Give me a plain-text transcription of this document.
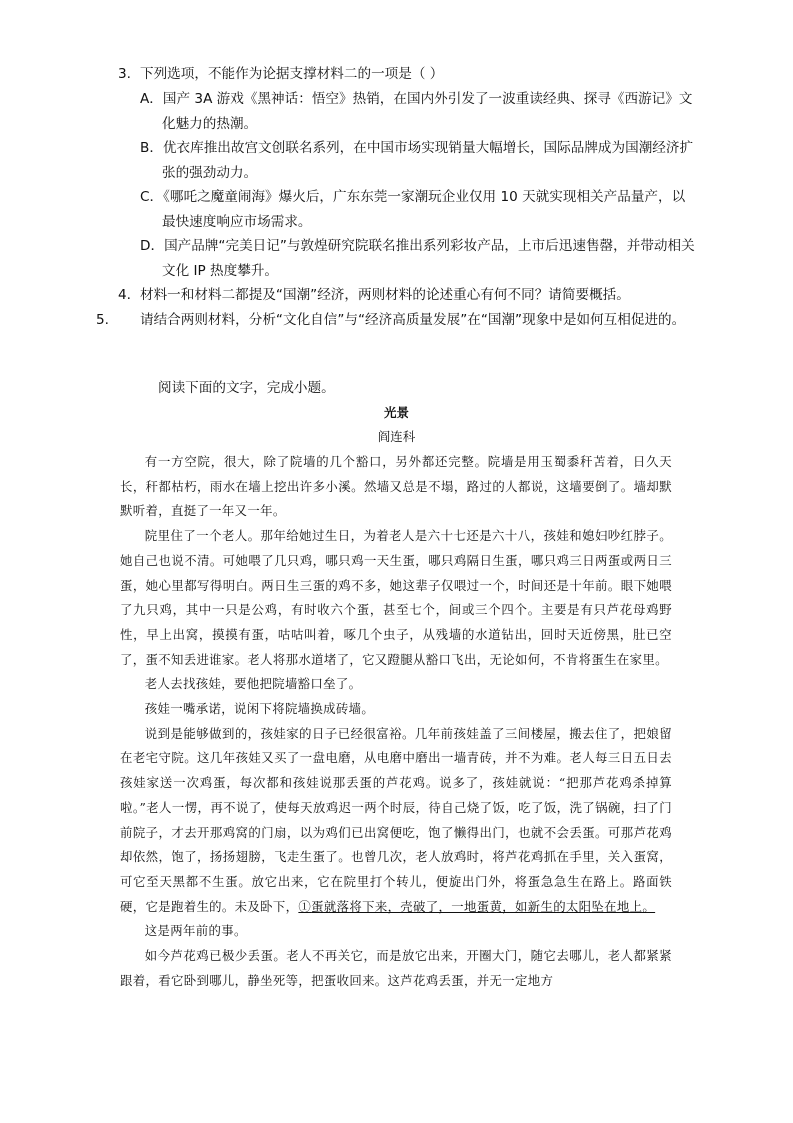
3. 下列选项，不能作为论据支撑材料二的一项是（ ）
A．国产 3A 游戏《黑神话：悟空》热销，在国内外引发了一波重读经典、探寻《西游记》文化魅力的热潮。
B．优衣库推出故宫文创联名系列，在中国市场实现销量大幅增长，国际品牌成为国潮经济扩张的强劲动力。
C．《哪吒之魔童闹海》爆火后，广东东莞一家潮玩企业仅用 10 天就实现相关产品量产，以最快速度响应市场需求。
D．国产品牌“完美日记”与敦煌研究院联名推出系列彩妆产品，上市后迅速售罄，并带动相关文化 IP 热度攀升。
4. 材料一和材料二都提及“国潮”经济，两则材料的论述重心有何不同？请简要概括。
5. 请结合两则材料，分析“文化自信”与“经济高质量发展”在“国潮”现象中是如何互相促进的。
阅读下面的文字，完成小题。
光景
阎连科

有一方空院，很大，除了院墙的几个豁口，另外都还完整。院墙是用玉蜀黍秆苫着，日久天长，秆都枯朽，雨水在墙上挖出许多小溪。然墙又总是不塌，路过的人都说，这墙要倒了。墙却默默听着，直挺了一年又一年。

院里住了一个老人。那年给她过生日，为着老人是六十七还是六十八，孩娃和媳妇吵红脖子。她自己也说不清。可她喂了几只鸡，哪只鸡一天生蛋，哪只鸡隔日生蛋，哪只鸡三日两蛋或两日三蛋，她心里都写得明白。两日生三蛋的鸡不多，她这辈子仅喂过一个，时间还是十年前。眼下她喂了九只鸡，其中一只是公鸡，有时收六个蛋，甚至七个，间或三个四个。主要是有只芦花母鸡野性，早上出窝，摸摸有蛋，咕咕叫着，啄几个虫子，从残墙的水道钻出，回时天近傍黑，肚已空了，蛋不知丢进谁家。老人将那水道堵了，它又蹬腿从豁口飞出，无论如何，不肯将蛋生在家里。

老人去找孩娃，要他把院墙豁口垒了。

孩娃一嘴承诺，说闲下将院墙换成砖墙。

说到是能够做到的，孩娃家的日子已经很富裕。几年前孩娃盖了三间楼屋，搬去住了，把娘留在老宅守院。这几年孩娃又买了一盘电磨，从电磨中磨出一墙青砖，并不为难。老人每三日五日去孩娃家送一次鸡蛋，每次都和孩娃说那丢蛋的芦花鸡。说多了，孩娃就说：“把那芦花鸡杀掉算啦。”老人一愣，再不说了，使每天放鸡迟一两个时辰，待自己烧了饭，吃了饭，洗了锅碗，扫了门前院子，才去开那鸡窝的门扇，以为鸡们已出窝便吃，饱了懒得出门，也就不会丢蛋。可那芦花鸡却依然，饱了，扬扬翅膀，飞走生蛋了。也曾几次，老人放鸡时，将芦花鸡抓在手里，关入蛋窝，可它至天黑都不生蛋。放它出来，它在院里打个转儿，便旋出门外，将蛋急急生在路上。路面铁硬，它是跑着生的。未及卧下，①蛋就落将下来，壳破了，一地蛋黄，如新生的太阳坠在地上。

这是两年前的事。

如今芦花鸡已极少丢蛋。老人不再关它，而是放它出来，开圈大门，随它去哪儿，老人都紧紧跟着，看它卧到哪儿，静坐死等，把蛋收回来。这芦花鸡丢蛋，并无一定地方
